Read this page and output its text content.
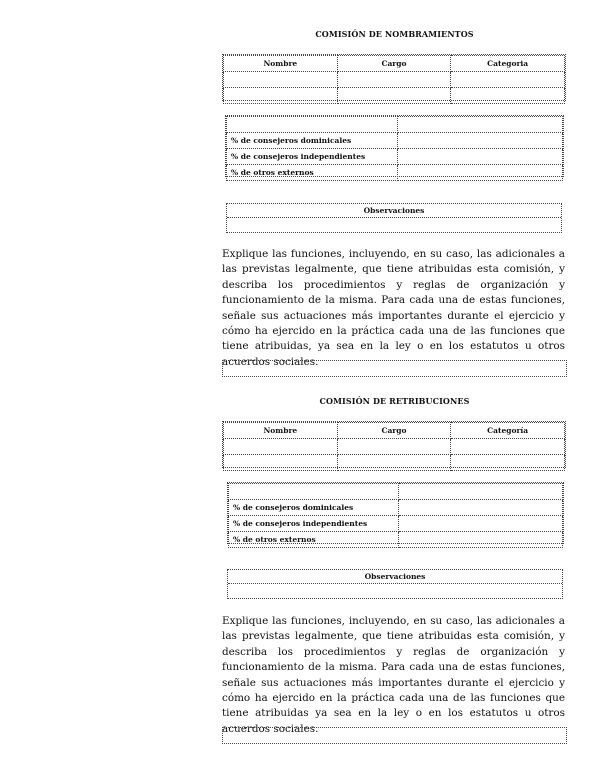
COMISIÓN DE NOMBRAMIENTOS
Nombre	Cargo	Categoria

% de consejeros dominicales	
% de consejeros independientes	
% de otros externos	
Observaciones

Explique las funciones, incluyendo, en su caso, las adicionales a las previstas legalmente, que tiene atribuidas esta comisión, y describa los procedimientos y reglas de organización y funcionamiento de la misma. Para cada una de estas funciones, señale sus actuaciones más importantes durante el ejercicio y cómo ha ejercido en la práctica cada una de las funciones que tiene atribuidas, ya sea en la ley o en los estatutos u otros acuerdos sociales.

COMISIÓN DE RETRIBUCIONES
Nombre	Cargo	Categoría

% de consejeros dominicales	
% de consejeros independientes	
% de otros externos	
Observaciones

Explique las funciones, incluyendo, en su caso, las adicionales a las previstas legalmente, que tiene atribuidas esta comisión, y describa los procedimientos y reglas de organización y funcionamiento de la misma. Para cada una de estas funciones, señale sus actuaciones más importantes durante el ejercicio y cómo ha ejercido en la práctica cada una de las funciones que tiene atribuidas ya sea en la ley o en los estatutos u otros acuerdos sociales.
